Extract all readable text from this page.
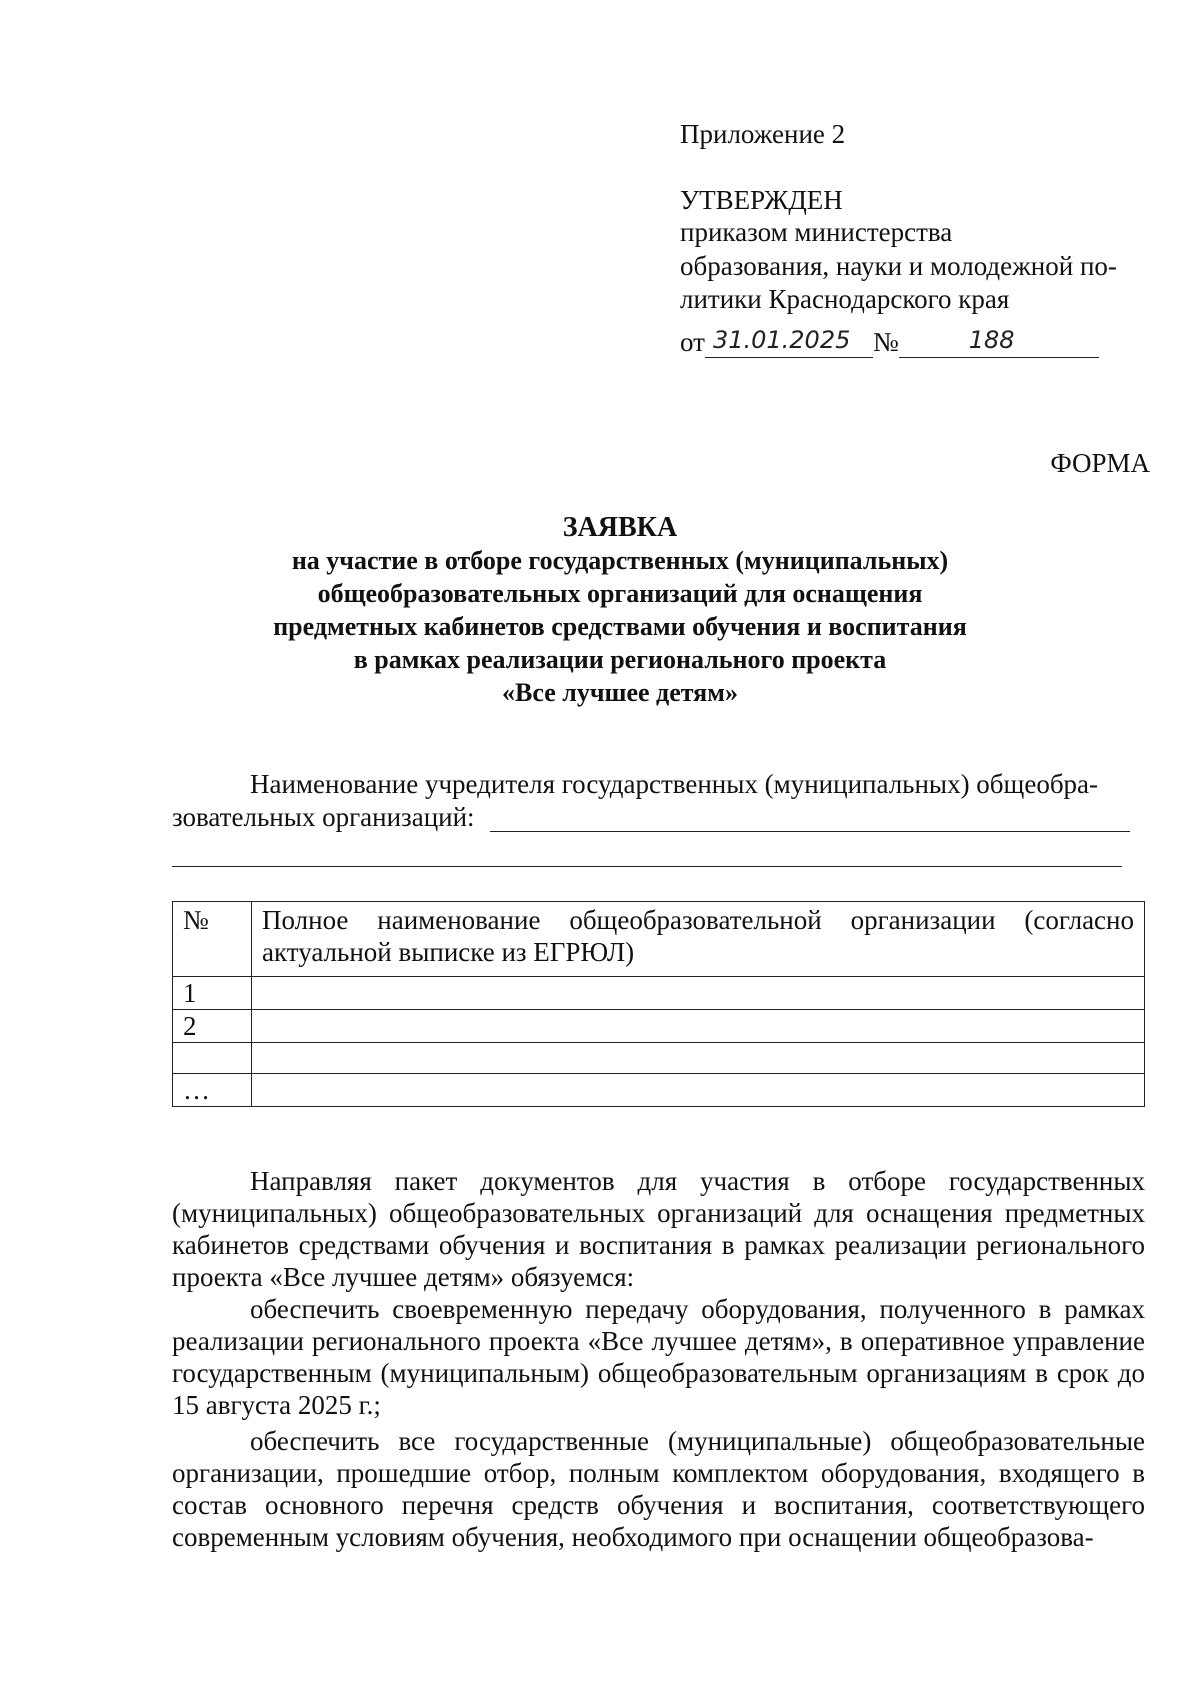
Приложение 2
УТВЕРЖДЕН
приказом министерства
образования, науки и молодежной по-
литики Краснодарского края
от 31.01.2025 №	188
ФОРМА
ЗАЯВКА
на участие в отборе государственных (муниципальных)
общеобразовательных организаций для оснащения
предметных кабинетов средствами обучения и воспитания
в рамках реализации регионального проекта
«Все лучшее детям»
Наименование учредителя государственных (муниципальных) общеобра-
зовательных организаций:
№	Полное наименование общеобразовательной организации (согласно актуальной выписке из ЕГРЮЛ)
1	
2	

…	

Направляя пакет документов для участия в отборе государственных (муниципальных) общеобразовательных организаций для оснащения предметных кабинетов средствами обучения и воспитания в рамках реализации регионального проекта «Все лучшее детям» обязуемся:

обеспечить своевременную передачу оборудования, полученного в рамках реализации регионального проекта «Все лучшее детям», в оперативное управление государственным (муниципальным) общеобразовательным организациям в срок до 15 августа 2025 г.;

обеспечить все государственные (муниципальные) общеобразовательные организации, прошедшие отбор, полным комплектом оборудования, входящего в состав основного перечня средств обучения и воспитания, соответствующего современным условиям обучения, необходимого при оснащении общеобразова-
